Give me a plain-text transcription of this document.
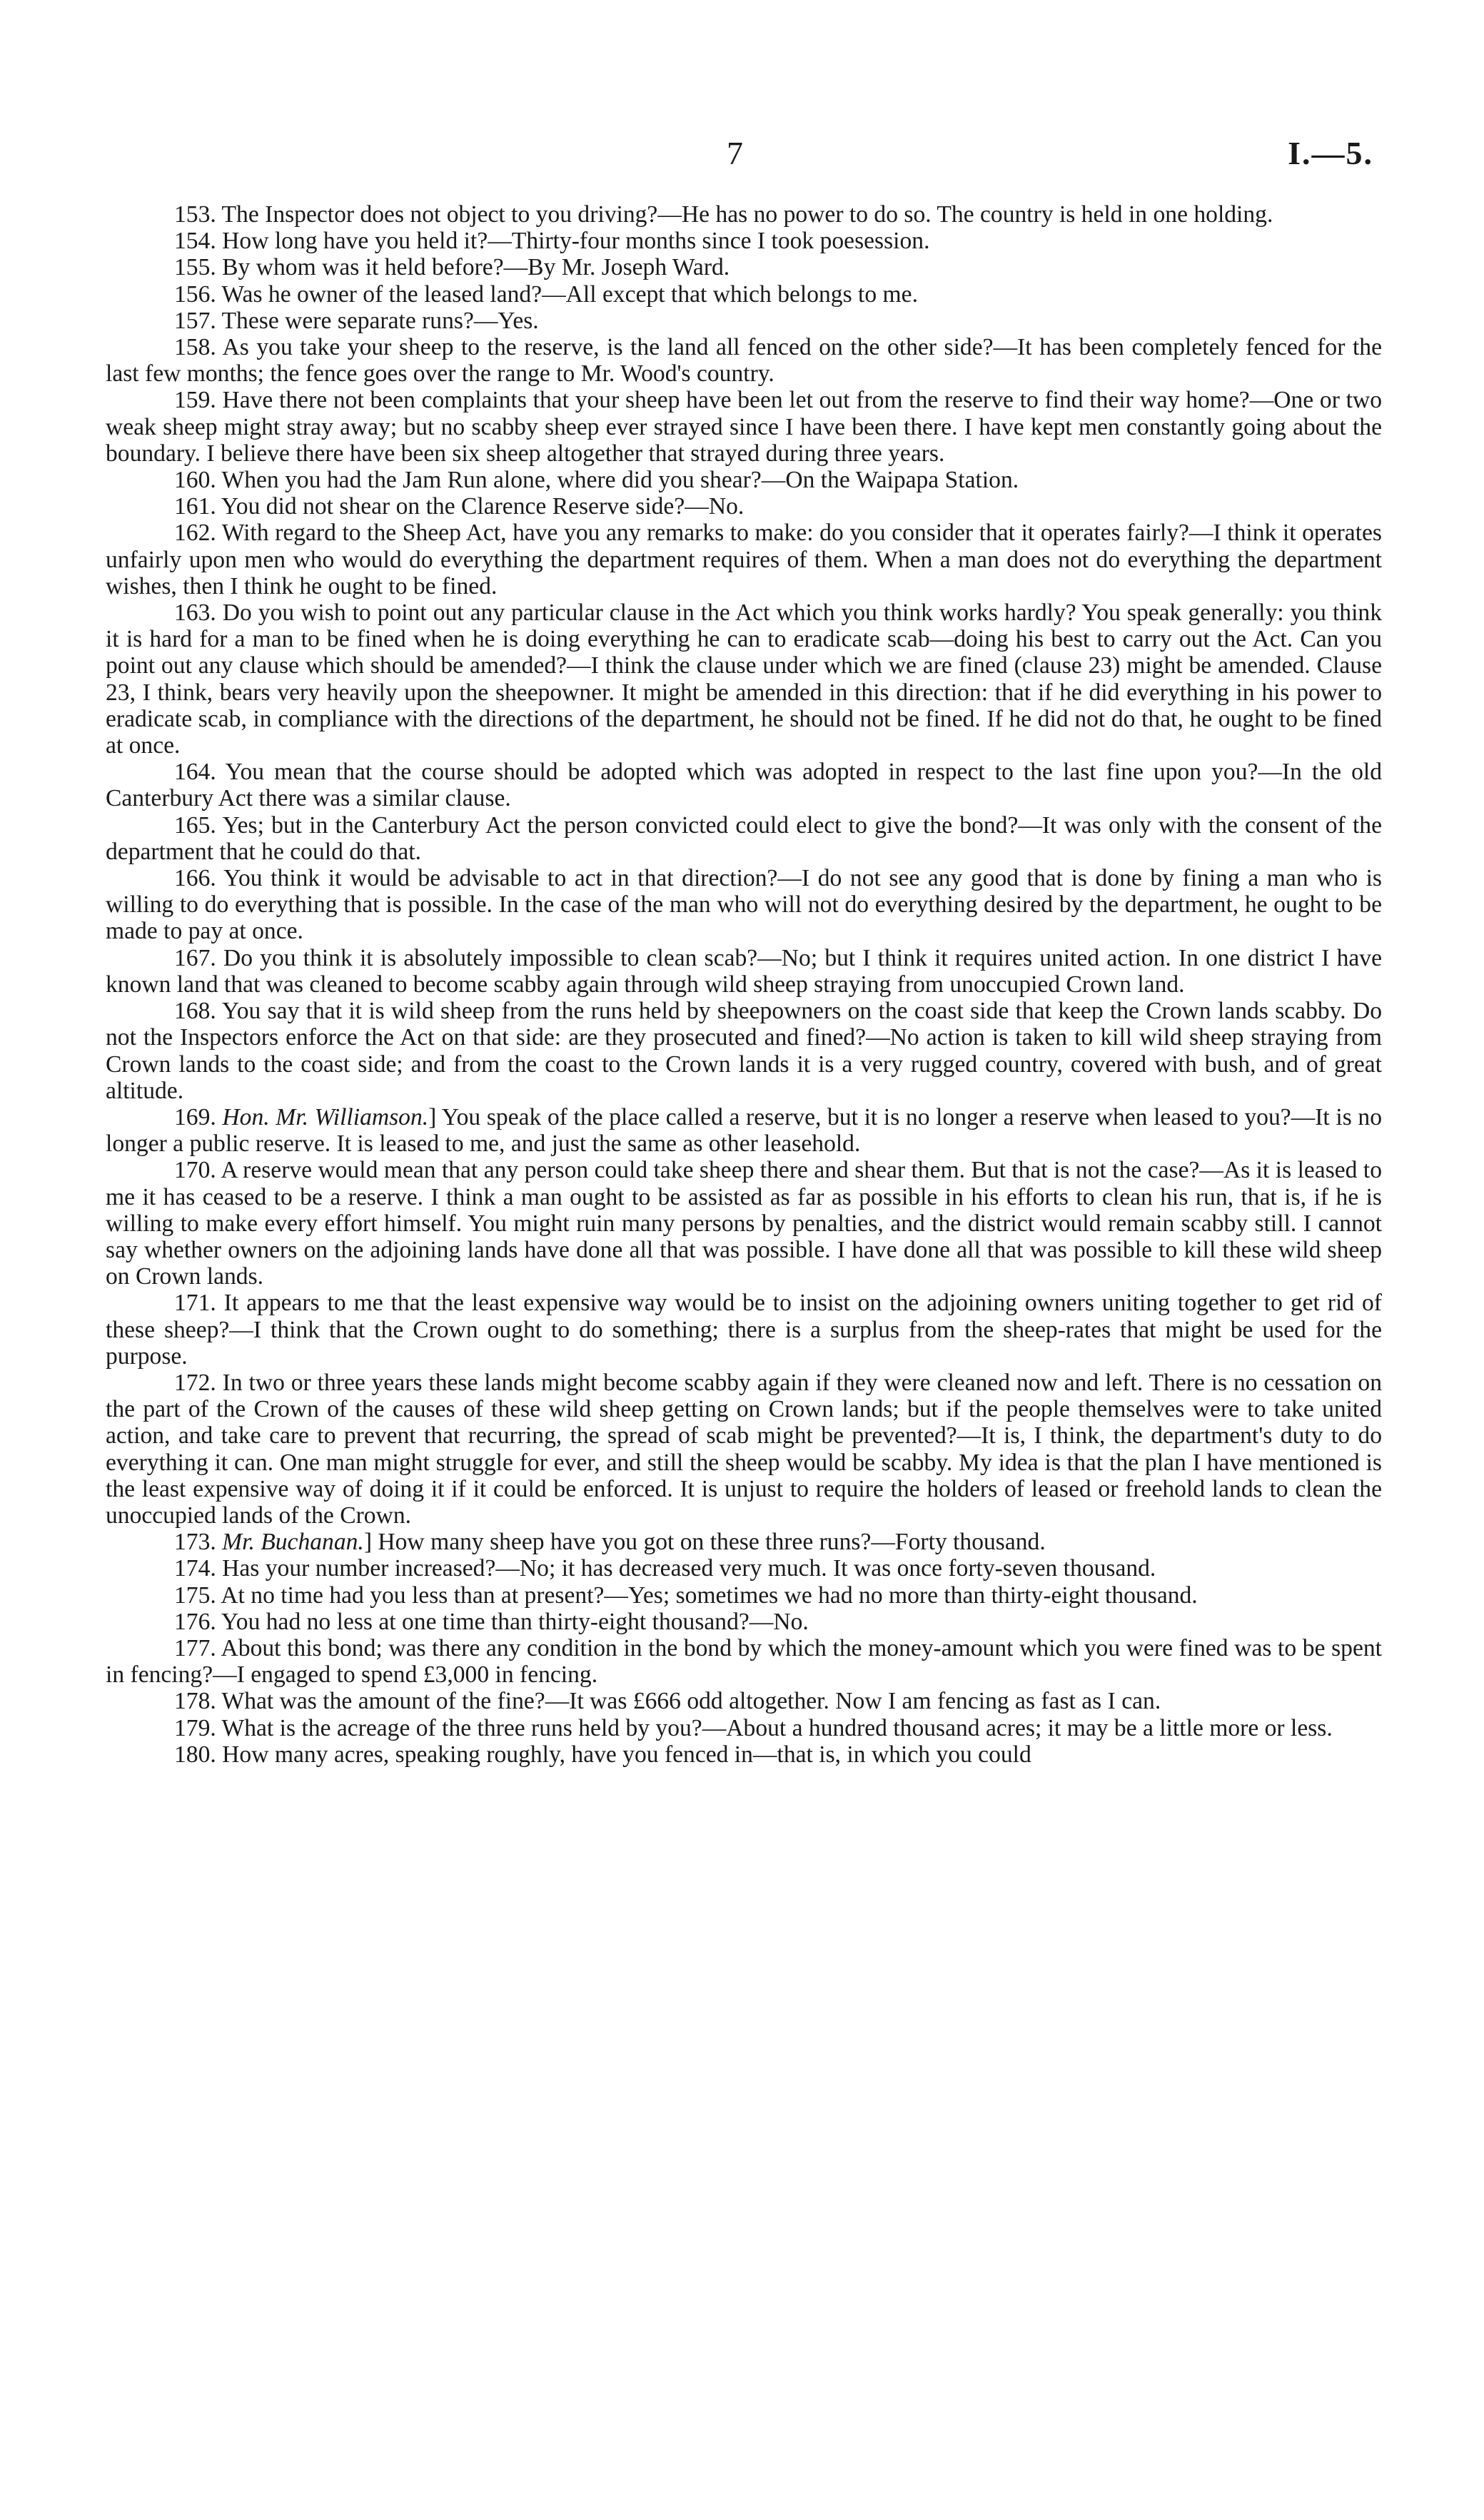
7	I.—5.

153. The Inspector does not object to you driving?—He has no power to do so. The country is held in one holding.

154. How long have you held it?—Thirty-four months since I took poesession.

155. By whom was it held before?—By Mr. Joseph Ward.

156. Was he owner of the leased land?—All except that which belongs to me.

157. These were separate runs?—Yes.

158. As you take your sheep to the reserve, is the land all fenced on the other side?—It has been completely fenced for the last few months; the fence goes over the range to Mr. Wood's country.

159. Have there not been complaints that your sheep have been let out from the reserve to find their way home?—One or two weak sheep might stray away; but no scabby sheep ever strayed since I have been there. I have kept men constantly going about the boundary. I believe there have been six sheep altogether that strayed during three years.

160. When you had the Jam Run alone, where did you shear?—On the Waipapa Station.

161. You did not shear on the Clarence Reserve side?—No.

162. With regard to the Sheep Act, have you any remarks to make: do you consider that it operates fairly?—I think it operates unfairly upon men who would do everything the department requires of them. When a man does not do everything the department wishes, then I think he ought to be fined.

163. Do you wish to point out any particular clause in the Act which you think works hardly? You speak generally: you think it is hard for a man to be fined when he is doing everything he can to eradicate scab—doing his best to carry out the Act. Can you point out any clause which should be amended?—I think the clause under which we are fined (clause 23) might be amended. Clause 23, I think, bears very heavily upon the sheepowner. It might be amended in this direction: that if he did everything in his power to eradicate scab, in compliance with the directions of the department, he should not be fined. If he did not do that, he ought to be fined at once.

164. You mean that the course should be adopted which was adopted in respect to the last fine upon you?—In the old Canterbury Act there was a similar clause.

165. Yes; but in the Canterbury Act the person convicted could elect to give the bond?—It was only with the consent of the department that he could do that.

166. You think it would be advisable to act in that direction?—I do not see any good that is done by fining a man who is willing to do everything that is possible. In the case of the man who will not do everything desired by the department, he ought to be made to pay at once.

167. Do you think it is absolutely impossible to clean scab?—No; but I think it requires united action. In one district I have known land that was cleaned to become scabby again through wild sheep straying from unoccupied Crown land.

168. You say that it is wild sheep from the runs held by sheepowners on the coast side that keep the Crown lands scabby. Do not the Inspectors enforce the Act on that side: are they prosecuted and fined?—No action is taken to kill wild sheep straying from Crown lands to the coast side; and from the coast to the Crown lands it is a very rugged country, covered with bush, and of great altitude.

169. Hon. Mr. Williamson.] You speak of the place called a reserve, but it is no longer a reserve when leased to you?—It is no longer a public reserve. It is leased to me, and just the same as other leasehold.

170. A reserve would mean that any person could take sheep there and shear them. But that is not the case?—As it is leased to me it has ceased to be a reserve. I think a man ought to be assisted as far as possible in his efforts to clean his run, that is, if he is willing to make every effort himself. You might ruin many persons by penalties, and the district would remain scabby still. I cannot say whether owners on the adjoining lands have done all that was possible. I have done all that was possible to kill these wild sheep on Crown lands.

171. It appears to me that the least expensive way would be to insist on the adjoining owners uniting together to get rid of these sheep?—I think that the Crown ought to do something; there is a surplus from the sheep-rates that might be used for the purpose.

172. In two or three years these lands might become scabby again if they were cleaned now and left. There is no cessation on the part of the Crown of the causes of these wild sheep getting on Crown lands; but if the people themselves were to take united action, and take care to prevent that recurring, the spread of scab might be prevented?—It is, I think, the department's duty to do everything it can. One man might struggle for ever, and still the sheep would be scabby. My idea is that the plan I have mentioned is the least expensive way of doing it if it could be enforced. It is unjust to require the holders of leased or freehold lands to clean the unoccupied lands of the Crown.

173. Mr. Buchanan.] How many sheep have you got on these three runs?—Forty thousand.

174. Has your number increased?—No; it has decreased very much. It was once forty-seven thousand.

175. At no time had you less than at present?—Yes; sometimes we had no more than thirty-eight thousand.

176. You had no less at one time than thirty-eight thousand?—No.

177. About this bond; was there any condition in the bond by which the money-amount which you were fined was to be spent in fencing?—I engaged to spend £3,000 in fencing.

178. What was the amount of the fine?—It was £666 odd altogether. Now I am fencing as fast as I can.

179. What is the acreage of the three runs held by you?—About a hundred thousand acres; it may be a little more or less.

180. How many acres, speaking roughly, have you fenced in—that is, in which you could
